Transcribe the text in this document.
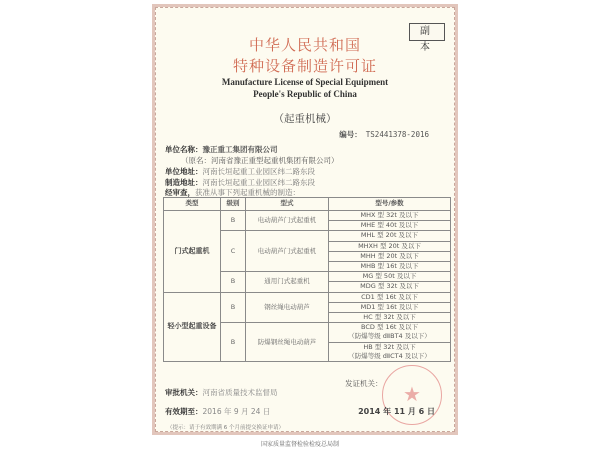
副 本
中华人民共和国
特种设备制造许可证
Manufacture License of Special Equipment
People's Republic of China
（起重机械）
编号： TS2441378-2016
单位名称：豫正重工集团有限公司
（原名：河南省豫正重型起重机集团有限公司）
单位地址：河南长垣起重工业园区纬二路东段
制造地址：河南长垣起重工业园区纬二路东段
经审查，获准从事下列起重机械的制造：
类型	级别	型式	型号/参数
门式起重机	B	电动葫芦门式起重机	MHX 型 32t 及以下
			MHE 型 40t 及以下
	C	电动葫芦门式起重机	MHL 型 20t 及以下
			MHXH 型 20t 及以下
			MHH 型 20t 及以下
			MHB 型 16t 及以下
	B	通用门式起重机	MG 型 50t 及以下
			MDG 型 32t 及以下
轻小型起重设备	B	钢丝绳电动葫芦	CD1 型 16t 及以下
			MD1 型 16t 及以下
			HC 型 32t 及以下
	B	防爆钢丝绳电动葫芦	BCD 型 16t 及以下
			（防爆等级 dⅡBT4 及以下）
			HB 型 32t 及以下
			（防爆等级 dⅡCT4 及以下）
★
审批机关：河南省质量技术监督局
发证机关：
有效期至：2016 年 9 月 24 日	2014 年 11 月 6 日
（提示：请于有效期满 6 个月前提交换证申请）
国家质量监督检验检疫总局制
